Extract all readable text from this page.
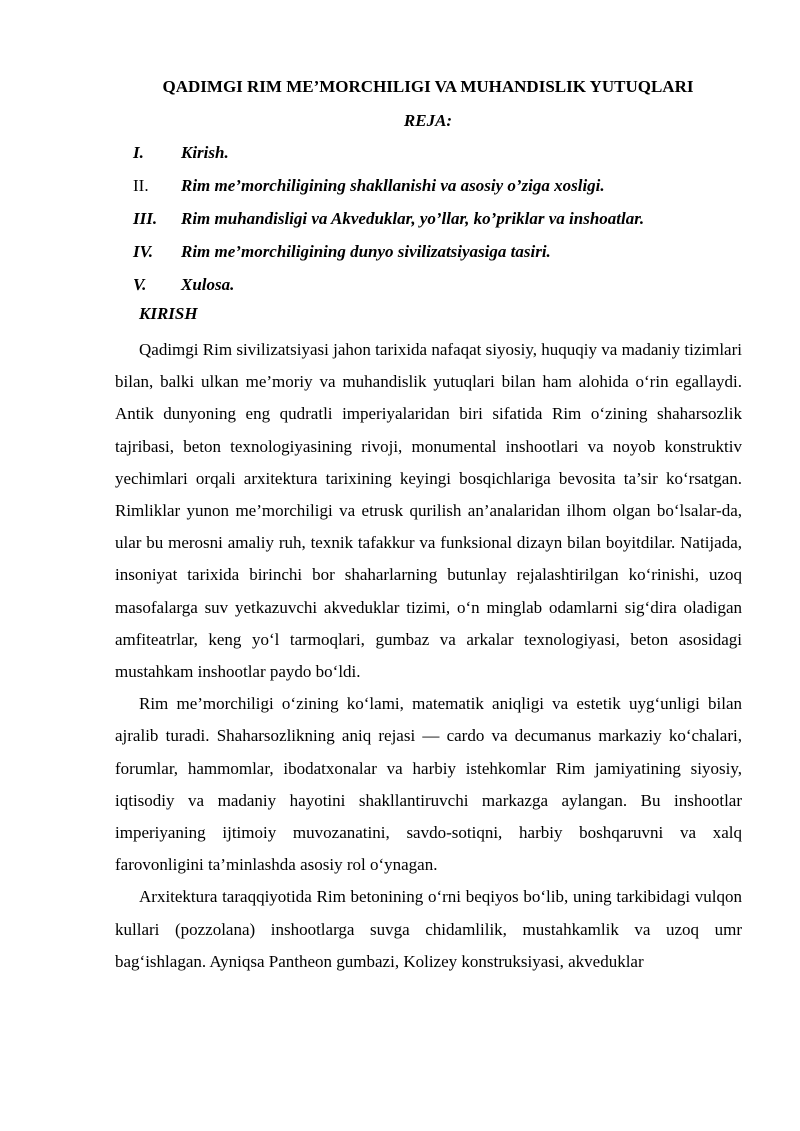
QADIMGI RIM ME’MORCHILIGI VA MUHANDISLIK YUTUQLARI
REJA:
I. Kirish.
II. Rim me’morchiligining shakllanishi va asosiy o’ziga xosligi.
III. Rim muhandisligi va Akveduklar, yo’llar, ko’priklar va inshoatlar.
IV. Rim me’morchiligining dunyo sivilizatsiyasiga tasiri.
V. Xulosa.
KIRISH

Qadimgi Rim sivilizatsiyasi jahon tarixida nafaqat siyosiy, huquqiy va madaniy tizimlari bilan, balki ulkan me’moriy va muhandislik yutuqlari bilan ham alohida o‘rin egallaydi. Antik dunyoning eng qudratli imperiyalaridan biri sifatida Rim o‘zining shaharsozlik tajribasi, beton texnologiyasining rivoji, monumental inshootlari va noyob konstruktiv yechimlari orqali arxitektura tarixining keyingi bosqichlariga bevosita ta’sir ko‘rsatgan. Rimliklar yunon me’morchiligi va etrusk qurilish an’analaridan ilhom olgan bo‘lsalar-da, ular bu merosni amaliy ruh, texnik tafakkur va funksional dizayn bilan boyitdilar. Natijada, insoniyat tarixida birinchi bor shaharlarning butunlay rejalashtirilgan ko‘rinishi, uzoq masofalarga suv yetkazuvchi akveduklar tizimi, o‘n minglab odamlarni sig‘dira oladigan amfiteatrlar, keng yo‘l tarmoqlari, gumbaz va arkalar texnologiyasi, beton asosidagi mustahkam inshootlar paydo bo‘ldi.

Rim me’morchiligi o‘zining ko‘lami, matematik aniqligi va estetik uyg‘unligi bilan ajralib turadi. Shaharsozlikning aniq rejasi — cardo va decumanus markaziy ko‘chalari, forumlar, hammomlar, ibodatxonalar va harbiy istehkomlar Rim jamiyatining siyosiy, iqtisodiy va madaniy hayotini shakllantiruvchi markazga aylangan. Bu inshootlar imperiyaning ijtimoiy muvozanatini, savdo-sotiqni, harbiy boshqaruvni va xalq farovonligini ta’minlashda asosiy rol o‘ynagan.

Arxitektura taraqqiyotida Rim betonining o‘rni beqiyos bo‘lib, uning tarkibidagi vulqon kullari (pozzolana) inshootlarga suvga chidamlilik, mustahkamlik va uzoq umr bag‘ishlagan. Ayniqsa Pantheon gumbazi, Kolizey konstruksiyasi, akveduklar
